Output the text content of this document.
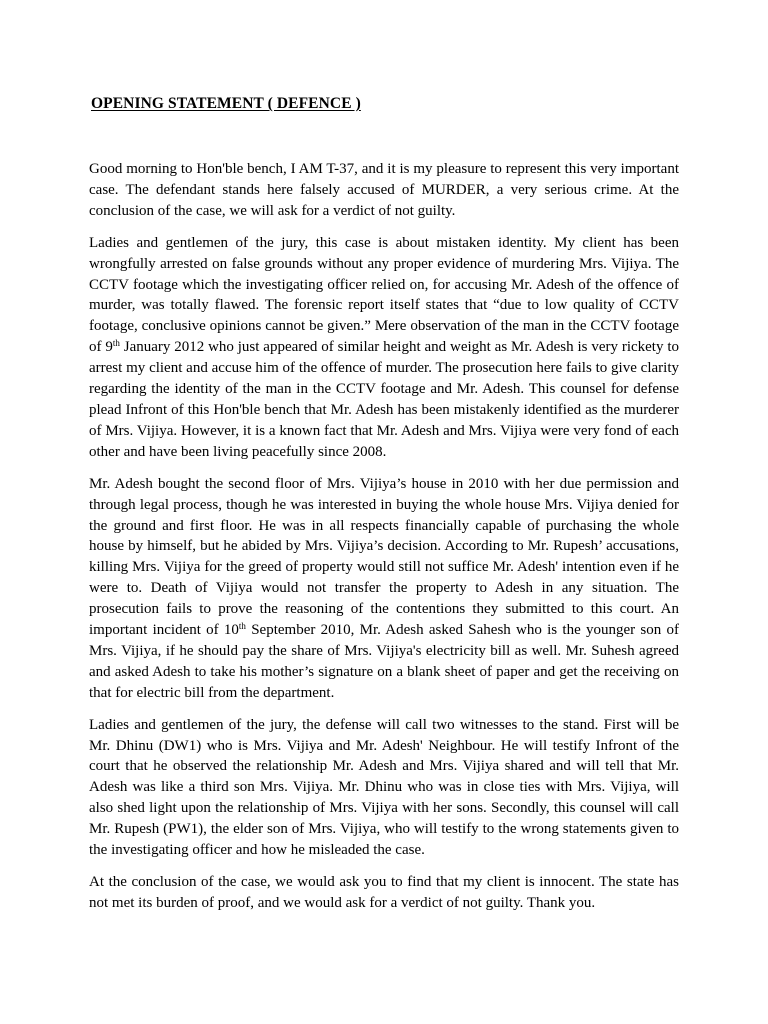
OPENING STATEMENT ( DEFENCE )

Good morning to Hon'ble bench, I AM T-37, and it is my pleasure to represent this very important case. The defendant stands here falsely accused of MURDER, a very serious crime. At the conclusion of the case, we will ask for a verdict of not guilty.

Ladies and gentlemen of the jury, this case is about mistaken identity. My client has been wrongfully arrested on false grounds without any proper evidence of murdering Mrs. Vijiya. The CCTV footage which the investigating officer relied on, for accusing Mr. Adesh of the offence of murder, was totally flawed. The forensic report itself states that “due to low quality of CCTV footage, conclusive opinions cannot be given.” Mere observation of the man in the CCTV footage of 9th January 2012 who just appeared of similar height and weight as Mr. Adesh is very rickety to arrest my client and accuse him of the offence of murder. The prosecution here fails to give clarity regarding the identity of the man in the CCTV footage and Mr. Adesh. This counsel for defense plead Infront of this Hon'ble bench that Mr. Adesh has been mistakenly identified as the murderer of Mrs. Vijiya. However, it is a known fact that Mr. Adesh and Mrs. Vijiya were very fond of each other and have been living peacefully since 2008.

Mr. Adesh bought the second floor of Mrs. Vijiya’s house in 2010 with her due permission and through legal process, though he was interested in buying the whole house Mrs. Vijiya denied for the ground and first floor. He was in all respects financially capable of purchasing the whole house by himself, but he abided by Mrs. Vijiya’s decision. According to Mr. Rupesh’ accusations, killing Mrs. Vijiya for the greed of property would still not suffice Mr. Adesh' intention even if he were to. Death of Vijiya would not transfer the property to Adesh in any situation. The prosecution fails to prove the reasoning of the contentions they submitted to this court. An important incident of 10th September 2010, Mr. Adesh asked Sahesh who is the younger son of Mrs. Vijiya, if he should pay the share of Mrs. Vijiya's electricity bill as well. Mr. Suhesh agreed and asked Adesh to take his mother’s signature on a blank sheet of paper and get the receiving on that for electric bill from the department.

Ladies and gentlemen of the jury, the defense will call two witnesses to the stand. First will be Mr. Dhinu (DW1) who is Mrs. Vijiya and Mr. Adesh' Neighbour. He will testify Infront of the court that he observed the relationship Mr. Adesh and Mrs. Vijiya shared and will tell that Mr. Adesh was like a third son Mrs. Vijiya. Mr. Dhinu who was in close ties with Mrs. Vijiya, will also shed light upon the relationship of Mrs. Vijiya with her sons. Secondly, this counsel will call Mr. Rupesh (PW1), the elder son of Mrs. Vijiya, who will testify to the wrong statements given to the investigating officer and how he misleaded the case.

At the conclusion of the case, we would ask you to find that my client is innocent. The state has not met its burden of proof, and we would ask for a verdict of not guilty. Thank you.
